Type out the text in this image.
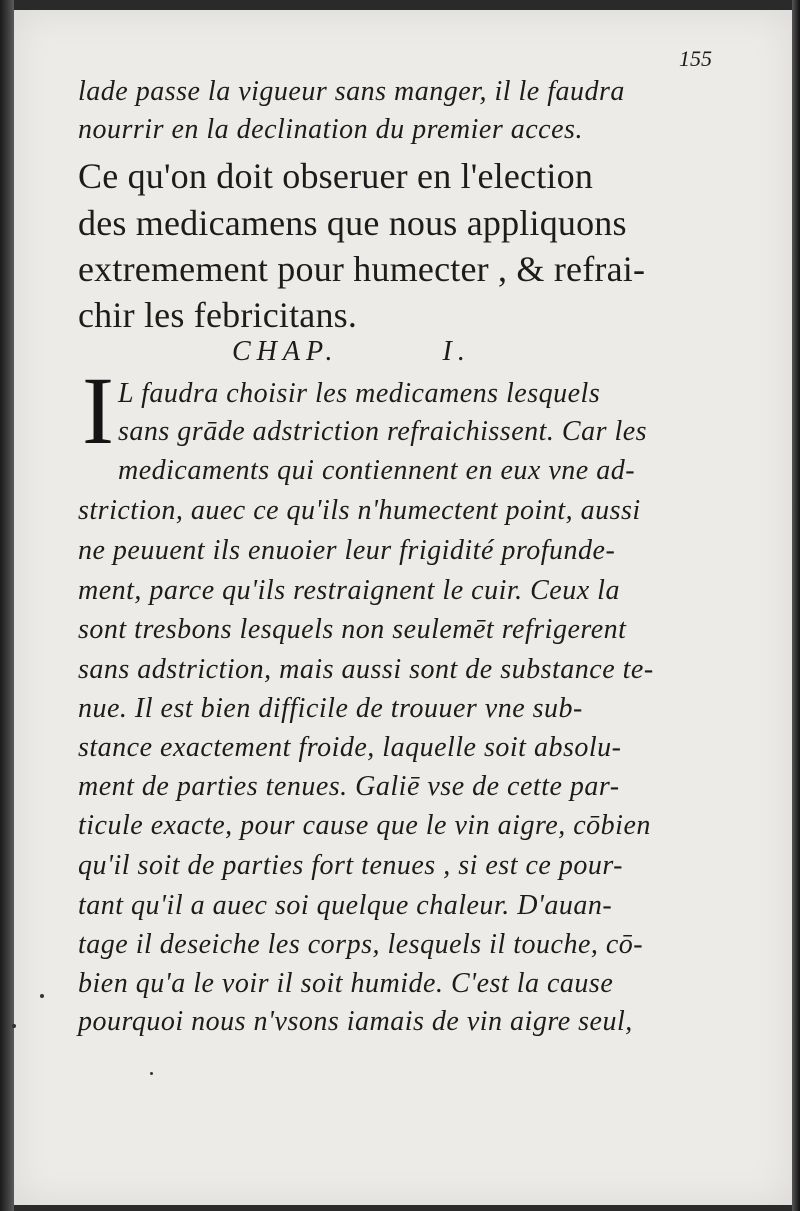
155
lade passe la vigueur sans manger, il le faudra
nourrir en la declination du premier acces.
Ce qu'on doit obseruer en l'election
des medicamens que nous appliquons
extremement pour humecter , & refrai-
chir les febricitans.
CHAP.        I.
I L faudra choisir les medicamens lesquels
sans grāde adstriction refraichissent. Car les
medicaments qui contiennent en eux vne ad-
striction, auec ce qu'ils n'humectent point, aussi
ne peuuent ils enuoier leur frigidité profunde-
ment, parce qu'ils restraignent le cuir. Ceux la
sont tresbons lesquels non seulemēt refrigerent
sans adstriction, mais aussi sont de substance te-
nue. Il est bien difficile de trouuer vne sub-
stance exactement froide, laquelle soit absolu-
ment de parties tenues. Galiē vse de cette par-
ticule exacte, pour cause que le vin aigre, cōbien
qu'il soit de parties fort tenues , si est ce pour-
tant qu'il a auec soi quelque chaleur. D'auan-
tage il deseiche les corps, lesquels il touche, cō-
bien qu'a le voir il soit humide. C'est la cause
pourquoi nous n'vsons iamais de vin aigre seul,
